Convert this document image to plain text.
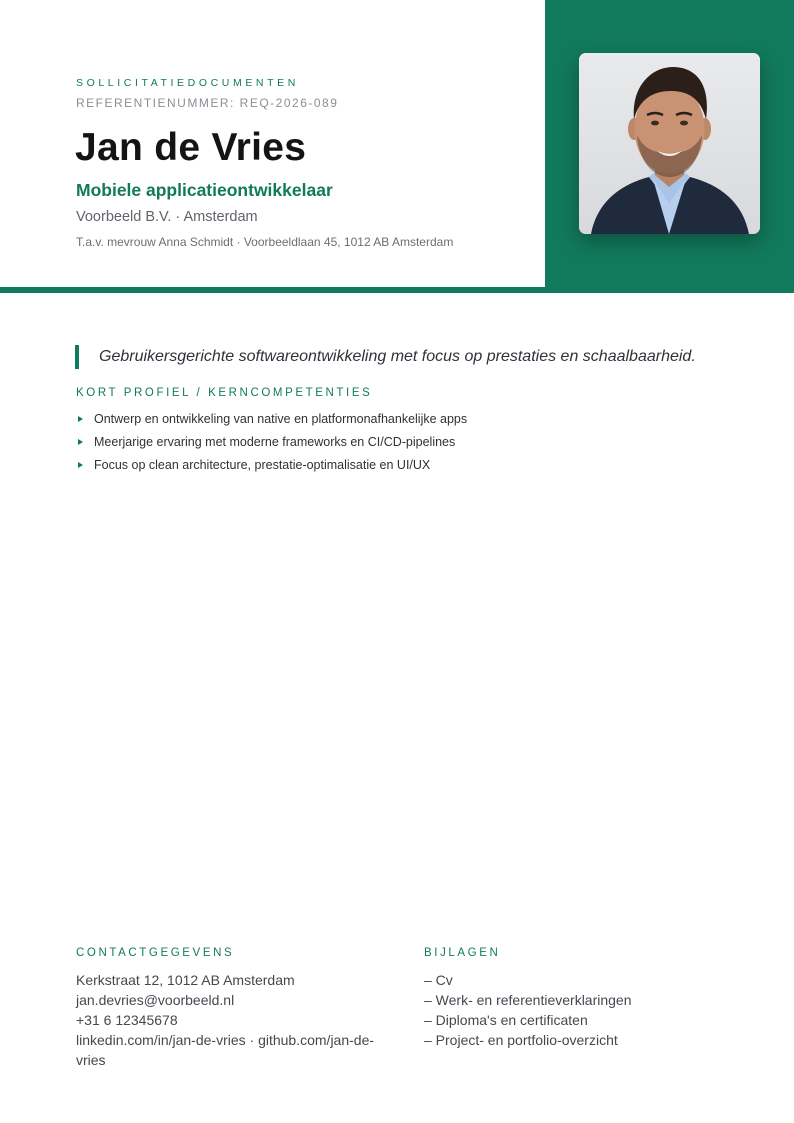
SOLLICITATIEDOCUMENTEN
REFERENTIENUMMER: REQ-2026-089
Jan de Vries
Mobiele applicatieontwikkelaar
Voorbeeld B.V. · Amsterdam
T.a.v. mevrouw Anna Schmidt · Voorbeeldlaan 45, 1012 AB Amsterdam
Gebruikersgerichte softwareontwikkeling met focus op prestaties en schaalbaarheid.
KORT PROFIEL / KERNCOMPETENTIES
Ontwerp en ontwikkeling van native en platformonafhankelijke apps
Meerjarige ervaring met moderne frameworks en CI/CD-pipelines
Focus op clean architecture, prestatie-optimalisatie en UI/UX
CONTACTGEGEVENS
Kerkstraat 12, 1012 AB Amsterdam
jan.devries@voorbeeld.nl
+31 6 12345678
linkedin.com/in/jan-de-vries · github.com/jan-de-vries
BIJLAGEN
– Cv
– Werk- en referentieverklaringen
– Diploma's en certificaten
– Project- en portfolio-overzicht
